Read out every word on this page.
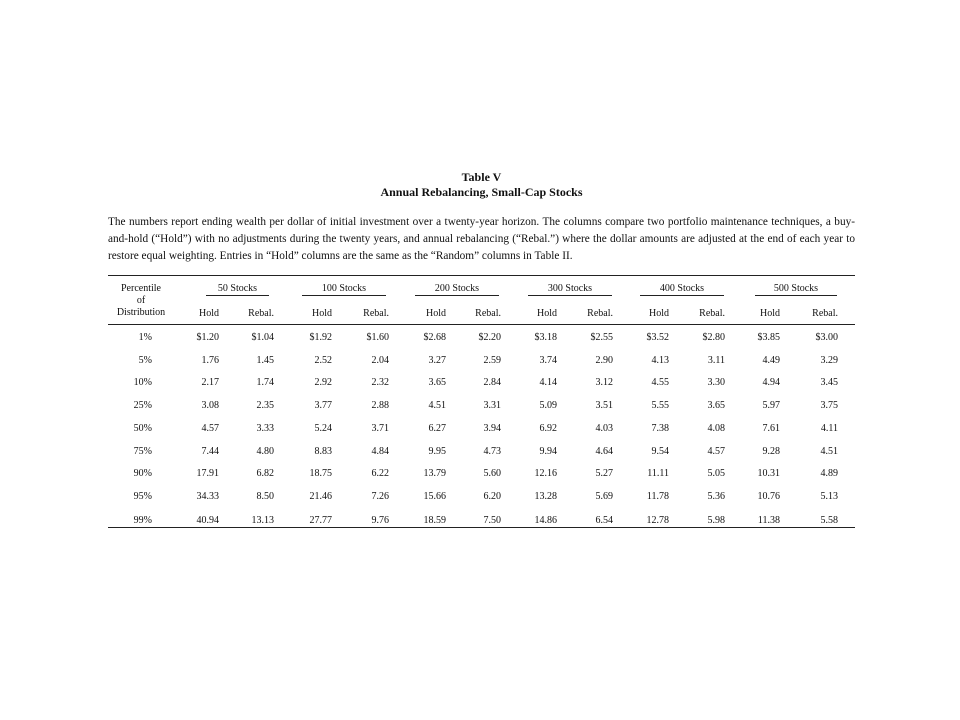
Table V
Annual Rebalancing, Small-Cap Stocks
The numbers report ending wealth per dollar of initial investment over a twenty-year horizon. The columns compare two portfolio maintenance techniques, a buy-and-hold (“Hold”) with no adjustments during the twenty years, and annual rebalancing (“Rebal.”) where the dollar amounts are adjusted at the end of each year to restore equal weighting. Entries in “Hold” columns are the same as the “Random” columns in Table II.
Percentile
of
Distribution
50 Stocks	100 Stocks	200 Stocks	300 Stocks	400 Stocks	500 Stocks
Hold	Rebal.	Hold	Rebal.	Hold	Rebal.	Hold	Rebal.	Hold	Rebal.	Hold	Rebal.
1%	$1.20	$1.04	$1.92	$1.60	$2.68	$2.20	$3.18	$2.55	$3.52	$2.80	$3.85	$3.00
5%	1.76	1.45	2.52	2.04	3.27	2.59	3.74	2.90	4.13	3.11	4.49	3.29
10%	2.17	1.74	2.92	2.32	3.65	2.84	4.14	3.12	4.55	3.30	4.94	3.45
25%	3.08	2.35	3.77	2.88	4.51	3.31	5.09	3.51	5.55	3.65	5.97	3.75
50%	4.57	3.33	5.24	3.71	6.27	3.94	6.92	4.03	7.38	4.08	7.61	4.11
75%	7.44	4.80	8.83	4.84	9.95	4.73	9.94	4.64	9.54	4.57	9.28	4.51
90%	17.91	6.82	18.75	6.22	13.79	5.60	12.16	5.27	11.11	5.05	10.31	4.89
95%	34.33	8.50	21.46	7.26	15.66	6.20	13.28	5.69	11.78	5.36	10.76	5.13
99%	40.94	13.13	27.77	9.76	18.59	7.50	14.86	6.54	12.78	5.98	11.38	5.58
